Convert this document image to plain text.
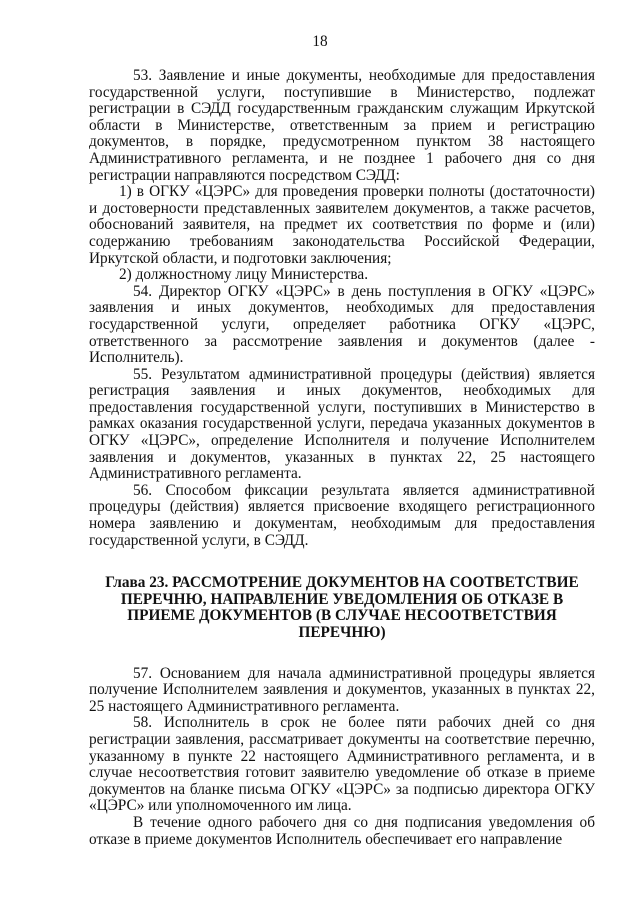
18

53. Заявление и иные документы, необходимые для предоставления государственной услуги, поступившие в Министерство, подлежат регистрации в СЭДД государственным гражданским служащим Иркутской области в Министерстве, ответственным за прием и регистрацию документов, в порядке, предусмотренном пунктом 38 настоящего Административного регламента, и не позднее 1 рабочего дня со дня регистрации направляются посредством СЭДД:

1) в ОГКУ «ЦЭРС» для проведения проверки полноты (достаточности) и достоверности представленных заявителем документов, а также расчетов, обоснований заявителя, на предмет их соответствия по форме и (или) содержанию требованиям законодательства Российской Федерации, Иркутской области, и подготовки заключения;

2) должностному лицу Министерства.

54. Директор ОГКУ «ЦЭРС» в день поступления в ОГКУ «ЦЭРС» заявления и иных документов, необходимых для предоставления государственной услуги, определяет работника ОГКУ «ЦЭРС, ответственного за рассмотрение заявления и документов (далее - Исполнитель).

55. Результатом административной процедуры (действия) является регистрация заявления и иных документов, необходимых для предоставления государственной услуги, поступивших в Министерство в рамках оказания государственной услуги, передача указанных документов в ОГКУ «ЦЭРС», определение Исполнителя и получение Исполнителем заявления и документов, указанных в пунктах 22, 25 настоящего Административного регламента.

56. Способом фиксации результата является административной процедуры (действия) является присвоение входящего регистрационного номера заявлению и документам, необходимым для предоставления государственной услуги, в СЭДД.

Глава 23. РАССМОТРЕНИЕ ДОКУМЕНТОВ НА СООТВЕТСТВИЕ ПЕРЕЧНЮ, НАПРАВЛЕНИЕ УВЕДОМЛЕНИЯ ОБ ОТКАЗЕ В ПРИЕМЕ ДОКУМЕНТОВ (В СЛУЧАЕ НЕСООТВЕТСТВИЯ ПЕРЕЧНЮ)

57. Основанием для начала административной процедуры является получение Исполнителем заявления и документов, указанных в пунктах 22, 25 настоящего Административного регламента.

58. Исполнитель в срок не более пяти рабочих дней со дня регистрации заявления, рассматривает документы на соответствие перечню, указанному в пункте 22 настоящего Административного регламента, и в случае несоответствия готовит заявителю уведомление об отказе в приеме документов на бланке письма ОГКУ «ЦЭРС» за подписью директора ОГКУ «ЦЭРС» или уполномоченного им лица.

В течение одного рабочего дня со дня подписания уведомления об отказе в приеме документов Исполнитель обеспечивает его направление
